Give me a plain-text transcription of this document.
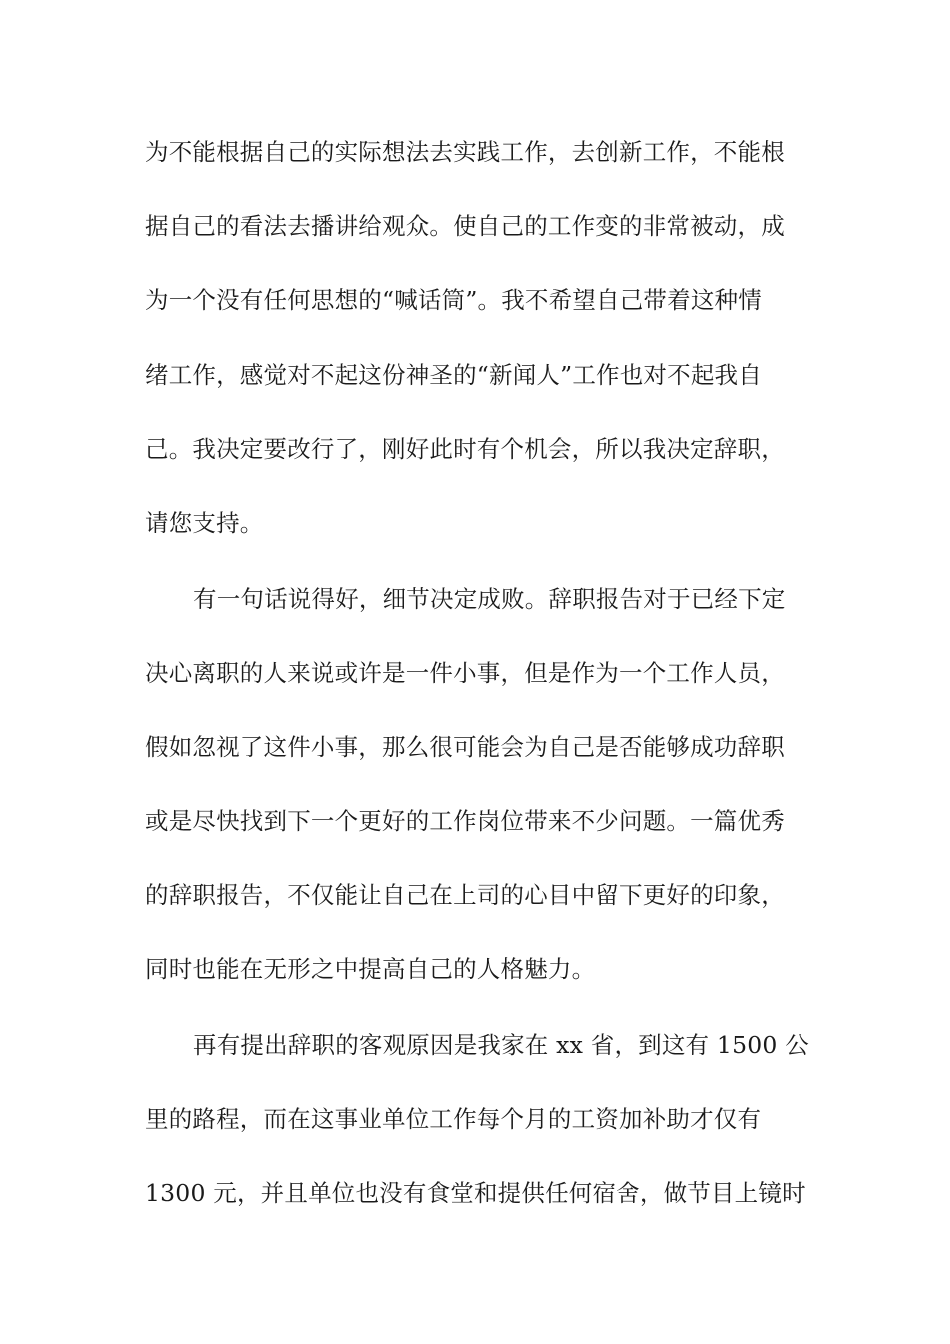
为不能根据自己的实际想法去实践工作，去创新工作，不能根
据自己的看法去播讲给观众。使自己的工作变的非常被动，成
为一个没有任何思想的“喊话筒”。我不希望自己带着这种情
绪工作，感觉对不起这份神圣的“新闻人”工作也对不起我自
己。我决定要改行了，刚好此时有个机会，所以我决定辞职，
请您支持。
有一句话说得好，细节决定成败。辞职报告对于已经下定
决心离职的人来说或许是一件小事，但是作为一个工作人员，
假如忽视了这件小事，那么很可能会为自己是否能够成功辞职
或是尽快找到下一个更好的工作岗位带来不少问题。一篇优秀
的辞职报告，不仅能让自己在上司的心目中留下更好的印象，
同时也能在无形之中提高自己的人格魅力。
再有提出辞职的客观原因是我家在 xx 省，到这有 1500 公
里的路程，而在这事业单位工作每个月的工资加补助才仅有
1300 元，并且单位也没有食堂和提供任何宿舍，做节目上镜时
